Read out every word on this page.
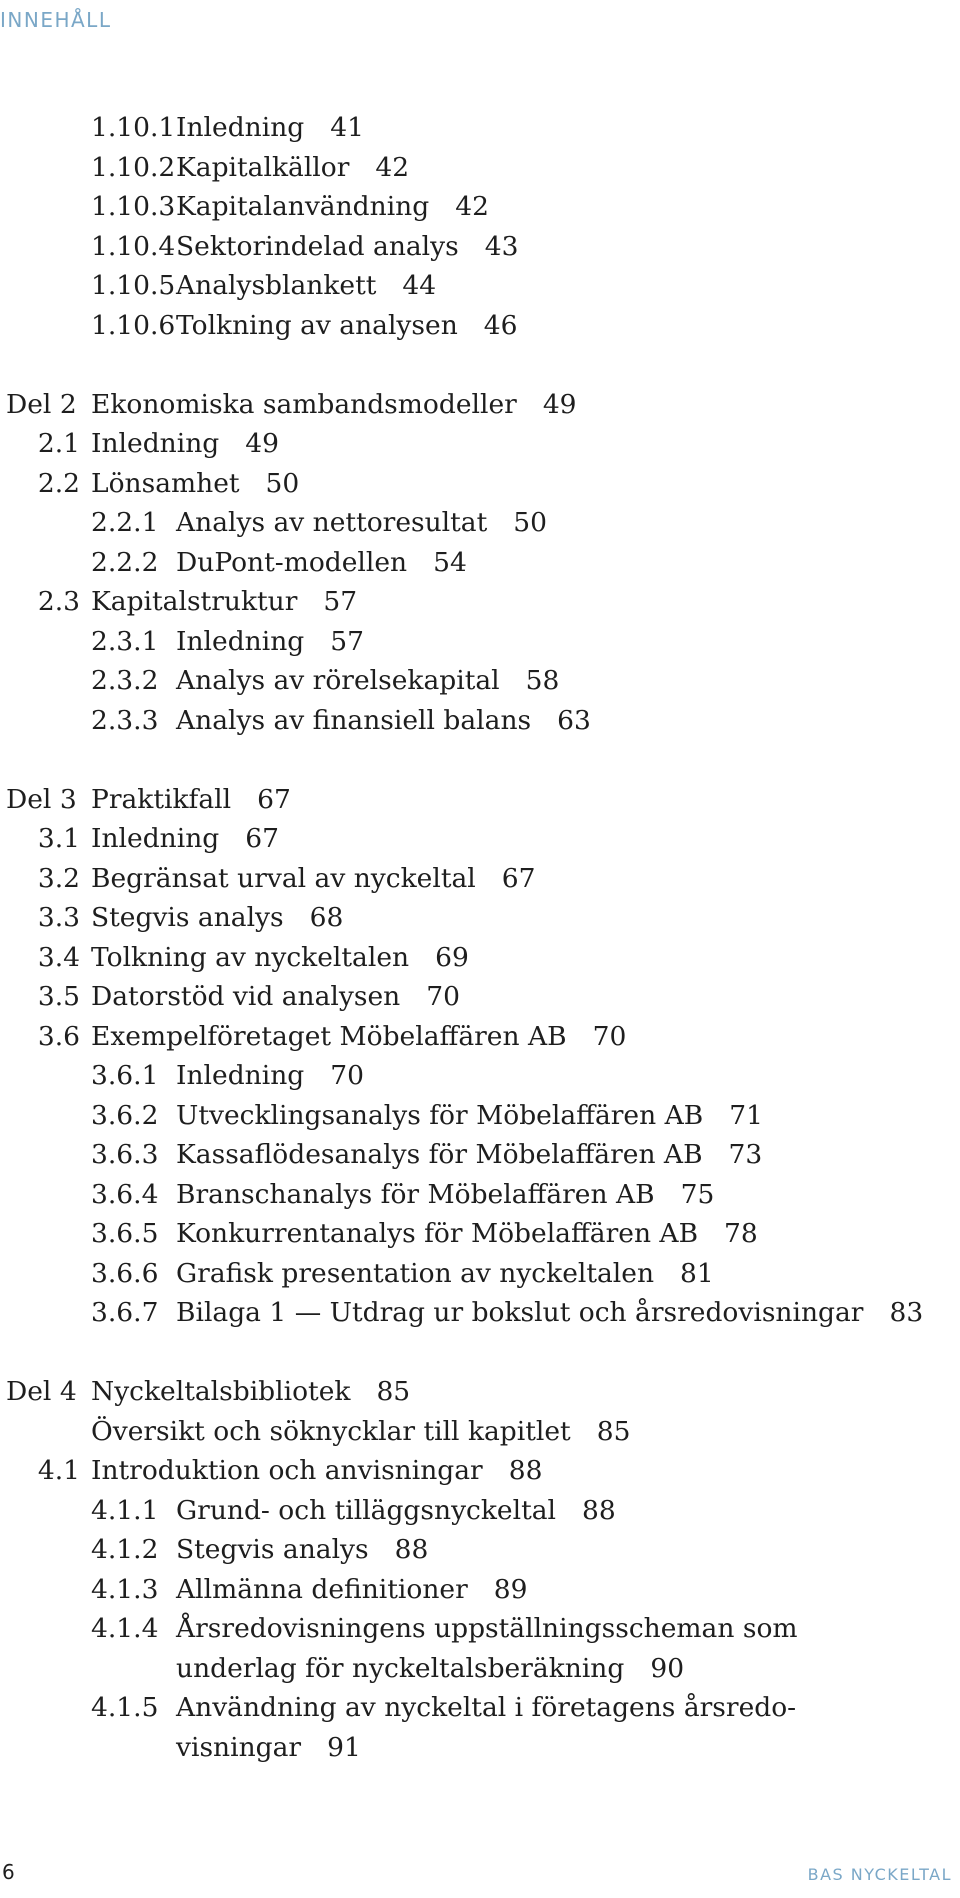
INNEHÅLL
1.10.1 Inledning 41
1.10.2 Kapitalkällor 42
1.10.3 Kapitalanvändning 42
1.10.4 Sektorindelad analys 43
1.10.5 Analysblankett 44
1.10.6 Tolkning av analysen 46
Del 2 Ekonomiska sambandsmodeller 49
2.1 Inledning 49
2.2 Lönsamhet 50
2.2.1 Analys av nettoresultat 50
2.2.2 DuPont-modellen 54
2.3 Kapitalstruktur 57
2.3.1 Inledning 57
2.3.2 Analys av rörelsekapital 58
2.3.3 Analys av finansiell balans 63
Del 3 Praktikfall 67
3.1 Inledning 67
3.2 Begränsat urval av nyckeltal 67
3.3 Stegvis analys 68
3.4 Tolkning av nyckeltalen 69
3.5 Datorstöd vid analysen 70
3.6 Exempelföretaget Möbelaffären AB 70
3.6.1 Inledning 70
3.6.2 Utvecklingsanalys för Möbelaffären AB 71
3.6.3 Kassaflödesanalys för Möbelaffären AB 73
3.6.4 Branschanalys för Möbelaffären AB 75
3.6.5 Konkurrentanalys för Möbelaffären AB 78
3.6.6 Grafisk presentation av nyckeltalen 81
3.6.7 Bilaga 1 — Utdrag ur bokslut och årsredovisningar 83
Del 4 Nyckeltalsbibliotek 85
Översikt och söknycklar till kapitlet 85
4.1 Introduktion och anvisningar 88
4.1.1 Grund- och tilläggsnyckeltal 88
4.1.2 Stegvis analys 88
4.1.3 Allmänna definitioner 89
4.1.4 Årsredovisningens uppställningsscheman som
underlag för nyckeltalsberäkning 90
4.1.5 Användning av nyckeltal i företagens årsredo-
visningar 91
6	BAS NYCKELTAL
